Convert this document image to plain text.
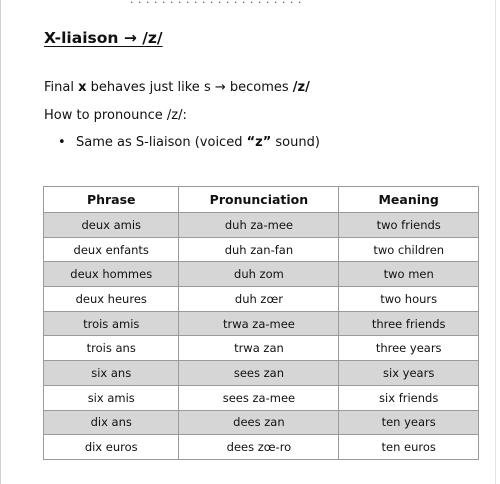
X-liaison → /z/
Final x behaves just like s → becomes /z/
How to pronounce /z/:
• Same as S-liaison (voiced “z” sound)
Phrase	Pronunciation	Meaning
deux amis	duh za-mee	two friends
deux enfants	duh zan-fan	two children
deux hommes	duh zom	two men
deux heures	duh zœr	two hours
trois amis	trwa za-mee	three friends
trois ans	trwa zan	three years
six ans	sees zan	six years
six amis	sees za-mee	six friends
dix ans	dees zan	ten years
dix euros	dees zœ-ro	ten euros
